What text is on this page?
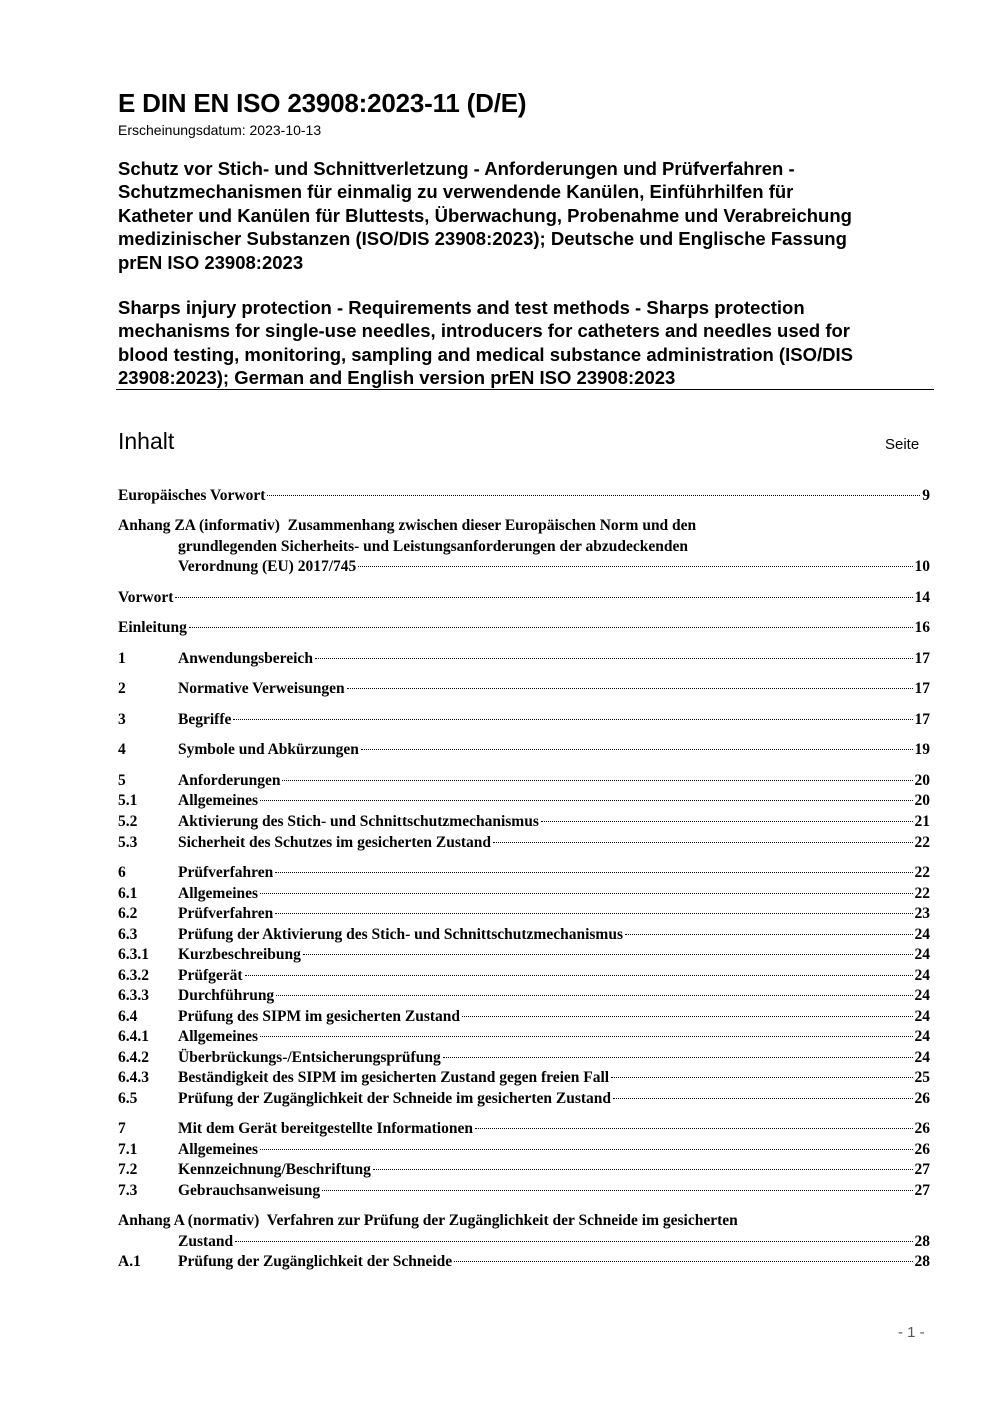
E DIN EN ISO 23908:2023-11 (D/E)
Erscheinungsdatum: 2023-10-13
Schutz vor Stich- und Schnittverletzung - Anforderungen und Prüfverfahren -
Schutzmechanismen für einmalig zu verwendende Kanülen, Einführhilfen für
Katheter und Kanülen für Bluttests, Überwachung, Probenahme und Verabreichung
medizinischer Substanzen (ISO/DIS 23908:2023); Deutsche und Englische Fassung
prEN ISO 23908:2023
Sharps injury protection - Requirements and test methods - Sharps protection
mechanisms for single-use needles, introducers for catheters and needles used for
blood testing, monitoring, sampling and medical substance administration (ISO/DIS
23908:2023); German and English version prEN ISO 23908:2023
Inhalt	Seite
Europäisches Vorwort	9
Anhang ZA (informativ) Zusammenhang zwischen dieser Europäischen Norm und den
grundlegenden Sicherheits- und Leistungsanforderungen der abzudeckenden
Verordnung (EU) 2017/745	10
Vorwort	14
Einleitung	16
1	Anwendungsbereich	17
2	Normative Verweisungen	17
3	Begriffe	17
4	Symbole und Abkürzungen	19
5	Anforderungen	20
5.1	Allgemeines	20
5.2	Aktivierung des Stich- und Schnittschutzmechanismus	21
5.3	Sicherheit des Schutzes im gesicherten Zustand	22
6	Prüfverfahren	22
6.1	Allgemeines	22
6.2	Prüfverfahren	23
6.3	Prüfung der Aktivierung des Stich- und Schnittschutzmechanismus	24
6.3.1 Kurzbeschreibung	24
6.3.2 Prüfgerät	24
6.3.3 Durchführung	24
6.4	Prüfung des SIPM im gesicherten Zustand	24
6.4.1 Allgemeines	24
6.4.2 Überbrückungs-/Entsicherungsprüfung	24
6.4.3 Beständigkeit des SIPM im gesicherten Zustand gegen freien Fall	25
6.5	Prüfung der Zugänglichkeit der Schneide im gesicherten Zustand	26
7	Mit dem Gerät bereitgestellte Informationen	26
7.1	Allgemeines	26
7.2	Kennzeichnung/Beschriftung	27
7.3	Gebrauchsanweisung	27
Anhang A (normativ) Verfahren zur Prüfung der Zugänglichkeit der Schneide im gesicherten
Zustand	28
A.1 Prüfung der Zugänglichkeit der Schneide	28
- 1 -
